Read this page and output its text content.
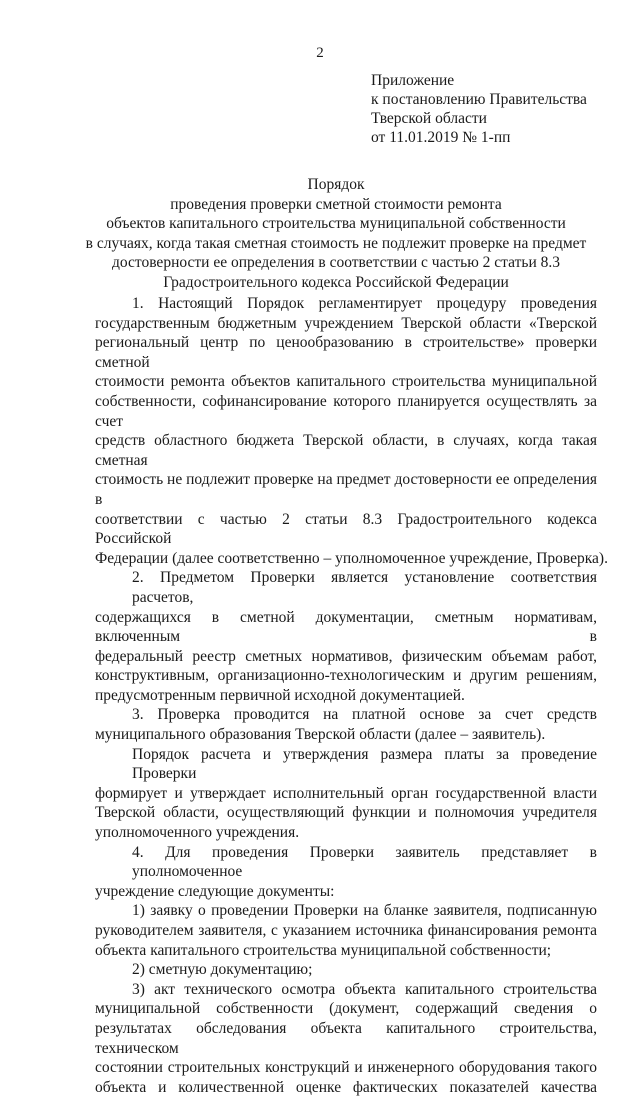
2
Приложение
к постановлению Правительства
Тверской области
от 11.01.2019 № 1-пп
Порядок
проведения проверки сметной стоимости ремонта
объектов капитального строительства муниципальной собственности
в случаях, когда такая сметная стоимость не подлежит проверке на предмет
достоверности ее определения в соответствии с частью 2 статьи 8.3
Градостроительного кодекса Российской Федерации
1. Настоящий Порядок регламентирует процедуру проведения
государственным бюджетным учреждением Тверской области «Тверской
региональный центр по ценообразованию в строительстве» проверки сметной
стоимости ремонта объектов капитального строительства муниципальной
собственности, софинансирование которого планируется осуществлять за счет
средств областного бюджета Тверской области, в случаях, когда такая сметная
стоимость не подлежит проверке на предмет достоверности ее определения в
соответствии с частью 2 статьи 8.3 Градостроительного кодекса Российской
Федерации (далее соответственно – уполномоченное учреждение, Проверка).
2. Предметом Проверки является установление соответствия расчетов,
содержащихся в сметной документации, сметным нормативам, включенным в
федеральный реестр сметных нормативов, физическим объемам работ,
конструктивным, организационно-технологическим и другим решениям,
предусмотренным первичной исходной документацией.
3. Проверка проводится на платной основе за счет средств
муниципального образования Тверской области (далее – заявитель).
Порядок расчета и утверждения размера платы за проведение Проверки
формирует и утверждает исполнительный орган государственной власти
Тверской области, осуществляющий функции и полномочия учредителя
уполномоченного учреждения.
4. Для проведения Проверки заявитель представляет в уполномоченное
учреждение следующие документы:
1) заявку о проведении Проверки на бланке заявителя, подписанную
руководителем заявителя, с указанием источника финансирования ремонта
объекта капитального строительства муниципальной собственности;
2) сметную документацию;
3) акт технического осмотра объекта капитального строительства
муниципальной собственности (документ, содержащий сведения о
результатах обследования объекта капитального строительства, техническом
состоянии строительных конструкций и инженерного оборудования такого
объекта и количественной оценке фактических показателей качества
